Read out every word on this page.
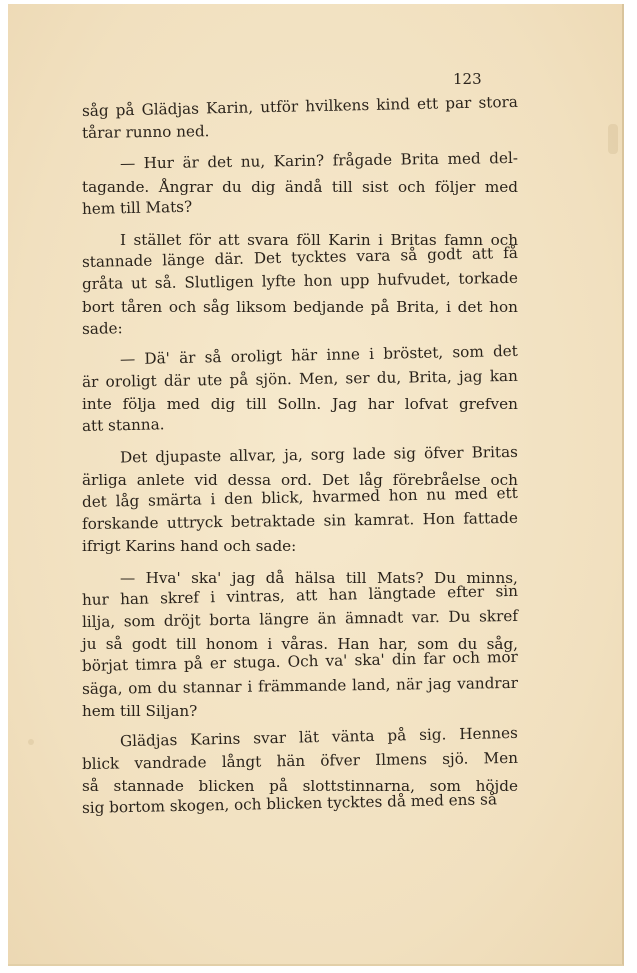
123
såg på Glädjas Karin, utför hvilkens kind ett par stora
tårar runno ned.
— Hur är det nu, Karin? frågade Brita med del-
tagande. Ångrar du dig ändå till sist och följer med
hem till Mats?
I stället för att svara föll Karin i Britas famn och
stannade länge där. Det tycktes vara så godt att få
gråta ut så. Slutligen lyfte hon upp hufvudet, torkade
bort tåren och såg liksom bedjande på Brita, i det hon
sade:
— Dä' är så oroligt här inne i bröstet, som det
är oroligt där ute på sjön. Men, ser du, Brita, jag kan
inte följa med dig till Solln. Jag har lofvat grefven
att stanna.
Det djupaste allvar, ja, sorg lade sig öfver Britas
ärliga anlete vid dessa ord. Det låg förebråelse och
det låg smärta i den blick, hvarmed hon nu med ett
forskande uttryck betraktade sin kamrat. Hon fattade
ifrigt Karins hand och sade:
— Hva' ska' jag då hälsa till Mats? Du minns,
hur han skref i vintras, att han längtade efter sin
lilja, som dröjt borta längre än ämnadt var. Du skref
ju så godt till honom i våras. Han har, som du såg,
börjat timra på er stuga. Och va' ska' din far och mor
säga, om du stannar i främmande land, när jag vandrar
hem till Siljan?
Glädjas Karins svar lät vänta på sig. Hennes
blick vandrade långt hän öfver Ilmens sjö. Men
så stannade blicken på slottstinnarna, som höjde
sig bortom skogen, och blicken tycktes då med ens så
